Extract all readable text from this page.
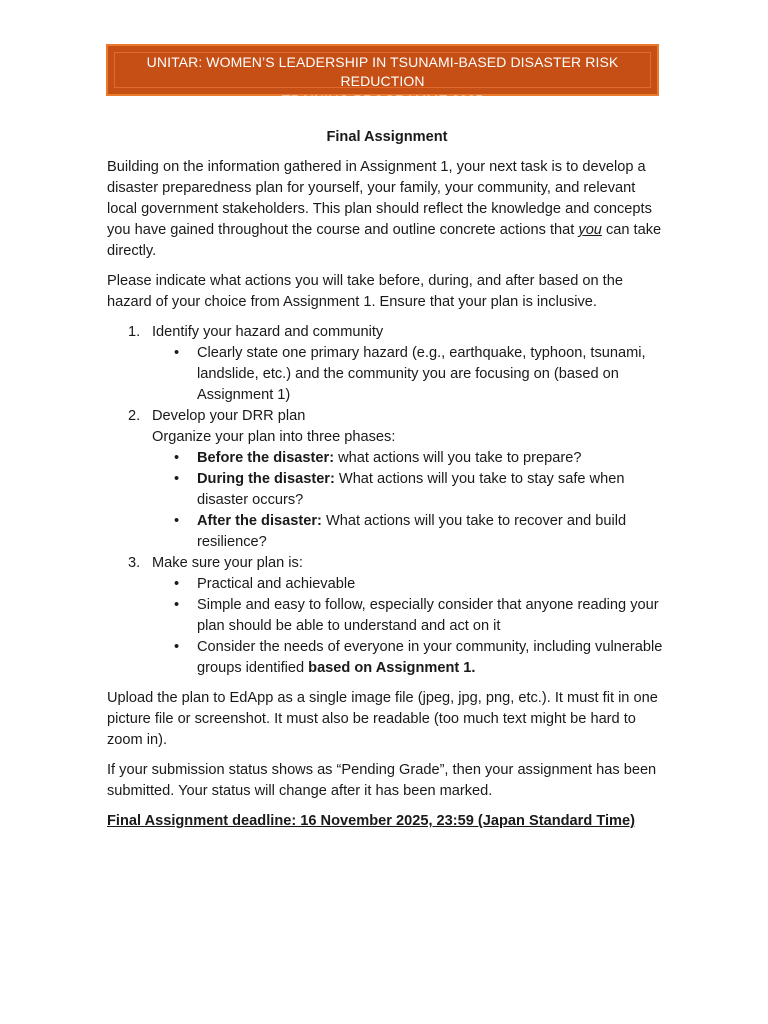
UNITAR: WOMEN’S LEADERSHIP IN TSUNAMI-BASED DISASTER RISK REDUCTION
TRAINING PROGRAMME 2025
Final Assignment

Building on the information gathered in Assignment 1, your next task is to develop a disaster preparedness plan for yourself, your family, your community, and relevant local government stakeholders. This plan should reflect the knowledge and concepts you have gained throughout the course and outline concrete actions that you can take directly.

Please indicate what actions you will take before, during, and after based on the hazard of your choice from Assignment 1. Ensure that your plan is inclusive.

1. Identify your hazard and community
• Clearly state one primary hazard (e.g., earthquake, typhoon, tsunami, landslide, etc.) and the community you are focusing on (based on Assignment 1)
2. Develop your DRR plan
Organize your plan into three phases:
• Before the disaster: what actions will you take to prepare?
• During the disaster: What actions will you take to stay safe when disaster occurs?
• After the disaster: What actions will you take to recover and build resilience?
3. Make sure your plan is:
• Practical and achievable
• Simple and easy to follow, especially consider that anyone reading your plan should be able to understand and act on it
• Consider the needs of everyone in your community, including vulnerable groups identified based on Assignment 1.

Upload the plan to EdApp as a single image file (jpeg, jpg, png, etc.). It must fit in one picture file or screenshot. It must also be readable (too much text might be hard to zoom in).

If your submission status shows as “Pending Grade”, then your assignment has been submitted. Your status will change after it has been marked.

Final Assignment deadline: 16 November 2025, 23:59 (Japan Standard Time)
